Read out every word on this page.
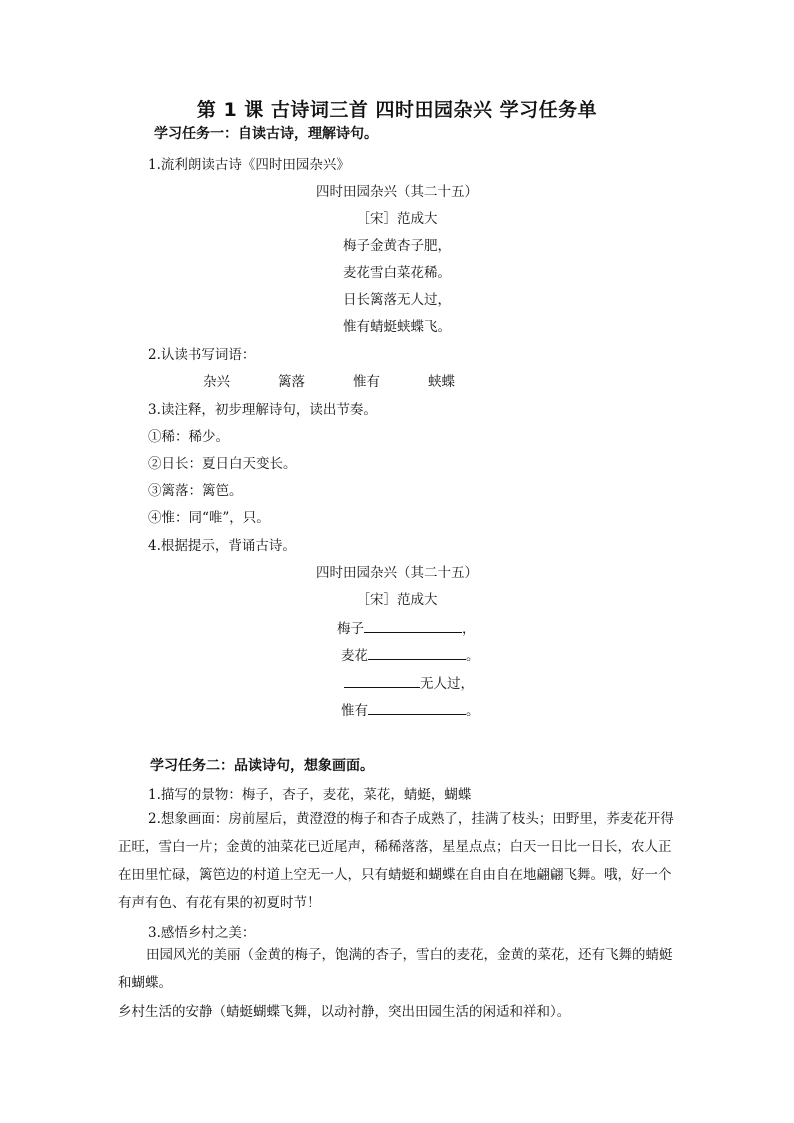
第 1 课 古诗词三首 四时田园杂兴 学习任务单
学习任务一：自读古诗，理解诗句。
1.流利朗读古诗《四时田园杂兴》
四时田园杂兴（其二十五）
［宋］范成大
梅子金黄杏子肥，
麦花雪白菜花稀。
日长篱落无人过，
惟有蜻蜓蛱蝶飞。
2.认读书写词语：
杂兴	篱落	惟有	蛱蝶
3.读注释，初步理解诗句，读出节奏。
①稀：稀少。
②日长：夏日白天变长。
③篱落：篱笆。
④惟：同“唯”，只。
4.根据提示，背诵古诗。
四时田园杂兴（其二十五）
［宋］范成大
梅子	，
麦花	。
无人过，
惟有	。
学习任务二：品读诗句，想象画面。
1.描写的景物：梅子，杏子，麦花，菜花，蜻蜓，蝴蝶
2.想象画面：房前屋后，黄澄澄的梅子和杏子成熟了，挂满了枝头；田野里，荞麦花开得正旺，雪白一片；金黄的油菜花已近尾声，稀稀落落，星星点点；白天一日比一日长，农人正在田里忙碌，篱笆边的村道上空无一人，只有蜻蜓和蝴蝶在自由自在地翩翩飞舞。哦，好一个有声有色、有花有果的初夏时节！
3.感悟乡村之美：
田园风光的美丽（金黄的梅子，饱满的杏子，雪白的麦花，金黄的菜花，还有飞舞的蜻蜓和蝴蝶。
乡村生活的安静（蜻蜓蝴蝶飞舞，以动衬静，突出田园生活的闲适和祥和）。
